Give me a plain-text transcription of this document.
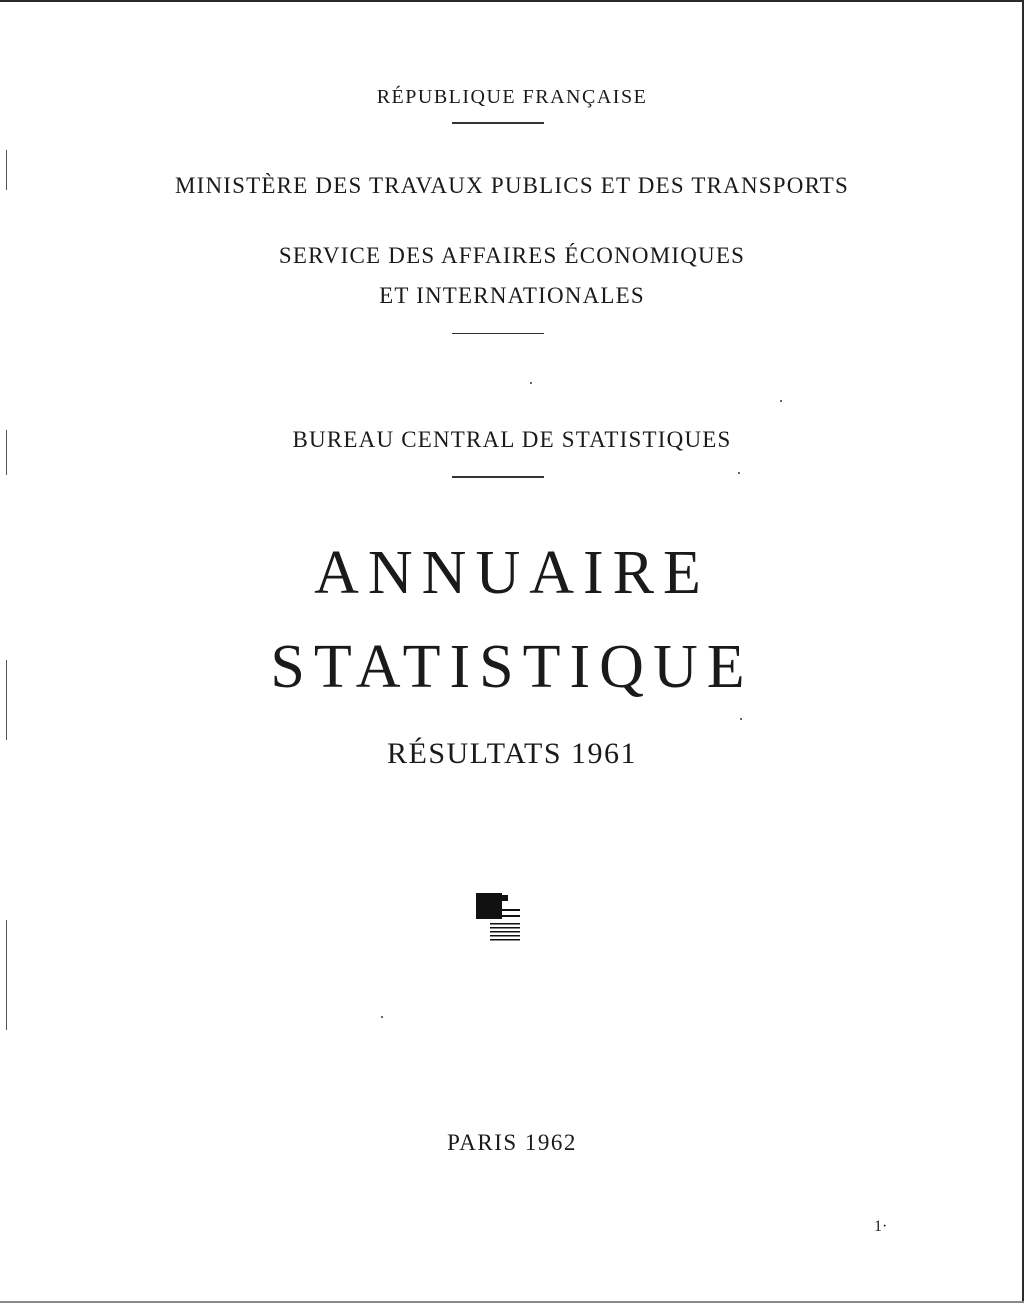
RÉPUBLIQUE FRANÇAISE
MINISTÈRE DES TRAVAUX PUBLICS ET DES TRANSPORTS
SERVICE DES AFFAIRES ÉCONOMIQUES
ET INTERNATIONALES
BUREAU CENTRAL DE STATISTIQUES
ANNUAIRE
STATISTIQUE
RÉSULTATS 1961
PARIS 1962
1·
